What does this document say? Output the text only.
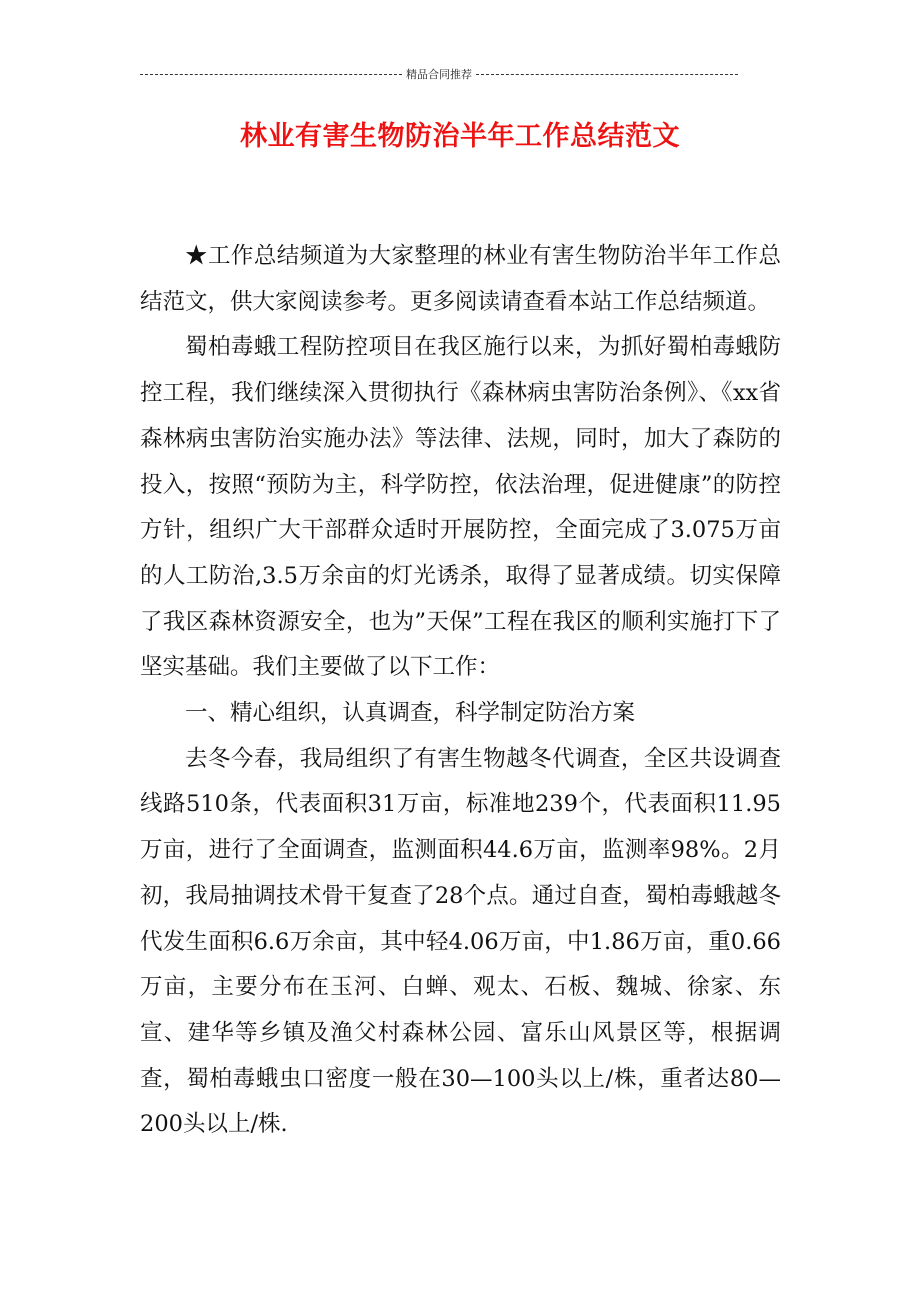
精品合同推荐
林业有害生物防治半年工作总结范文

★工作总结频道为大家整理的林业有害生物防治半年工作总结范文，供大家阅读参考。更多阅读请查看本站工作总结频道。

蜀柏毒蛾工程防控项目在我区施行以来，为抓好蜀柏毒蛾防控工程，我们继续深入贯彻执行《森林病虫害防治条例》、《xx省森林病虫害防治实施办法》等法律、法规，同时，加大了森防的投入，按照“预防为主，科学防控，依法治理，促进健康”的防控方针，组织广大干部群众适时开展防控，全面完成了3.075万亩的人工防治,3.5万余亩的灯光诱杀，取得了显著成绩。切实保障了我区森林资源安全，也为”天保”工程在我区的顺利实施打下了坚实基础。我们主要做了以下工作：

一、精心组织，认真调查，科学制定防治方案

去冬今春，我局组织了有害生物越冬代调查，全区共设调查线路510条，代表面积31万亩，标准地239个，代表面积11.95万亩，进行了全面调查，监测面积44.6万亩，监测率98%。2月初，我局抽调技术骨干复查了28个点。通过自查，蜀柏毒蛾越冬代发生面积6.6万余亩，其中轻4.06万亩，中1.86万亩，重0.66万亩，主要分布在玉河、白蝉、观太、石板、魏城、徐家、东宣、建华等乡镇及渔父村森林公园、富乐山风景区等，根据调查，蜀柏毒蛾虫口密度一般在30—100头以上/株，重者达80—200头以上/株.
